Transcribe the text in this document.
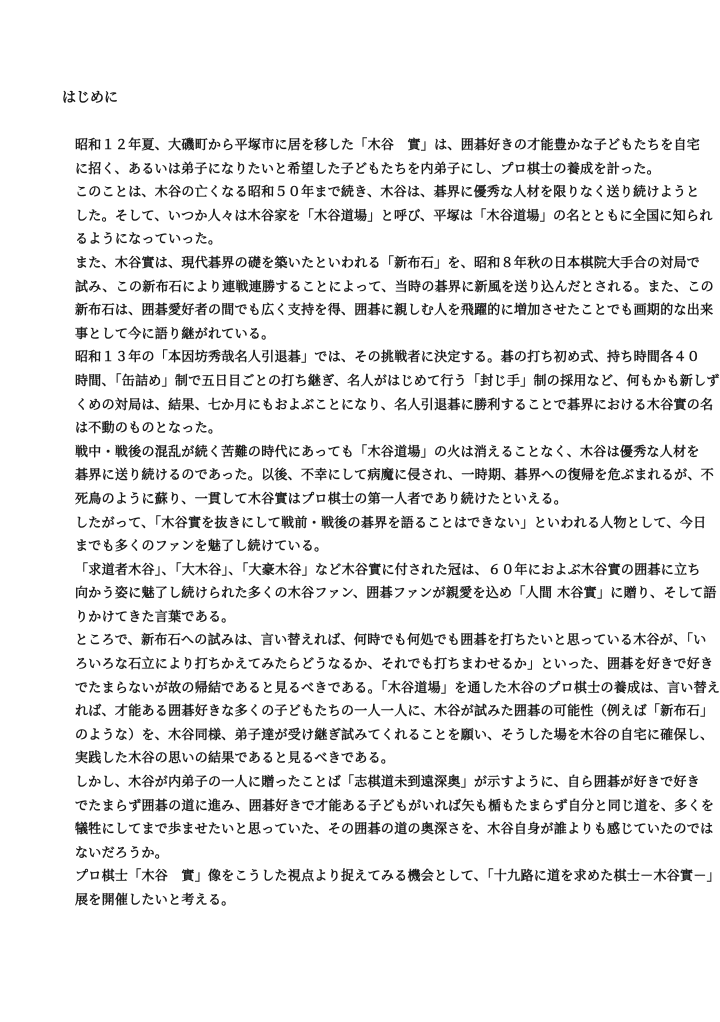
はじめに

昭和１２年夏、大磯町から平塚市に居を移した「木谷　實」は、囲碁好きの才能豊かな子どもたちを自宅
に招く、あるいは弟子になりたいと希望した子どもたちを内弟子にし、プロ棋士の養成を計った。

このことは、木谷の亡くなる昭和５０年まで続き、木谷は、碁界に優秀な人材を限りなく送り続けようと
した。そして、いつか人々は木谷家を「木谷道場」と呼び、平塚は「木谷道場」の名とともに全国に知られ
るようになっていった。

また、木谷實は、現代碁界の礎を築いたといわれる「新布石」を、昭和８年秋の日本棋院大手合の対局で
試み、この新布石により連戦連勝することによって、当時の碁界に新風を送り込んだとされる。また、この
新布石は、囲碁愛好者の間でも広く支持を得、囲碁に親しむ人を飛躍的に増加させたことでも画期的な出来
事として今に語り継がれている。

昭和１３年の「本因坊秀哉名人引退碁」では、その挑戦者に決定する。碁の打ち初め式、持ち時間各４０
時間、「缶詰め」制で五日目ごとの打ち継ぎ、名人がはじめて行う「封じ手」制の採用など、何もかも新しず
くめの対局は、結果、七か月にもおよぶことになり、名人引退碁に勝利することで碁界における木谷實の名
は不動のものとなった。

戦中・戦後の混乱が続く苦難の時代にあっても「木谷道場」の火は消えることなく、木谷は優秀な人材を
碁界に送り続けるのであった。以後、不幸にして病魔に侵され、一時期、碁界への復帰を危ぶまれるが、不
死鳥のように蘇り、一貫して木谷實はプロ棋士の第一人者であり続けたといえる。

したがって、「木谷實を抜きにして戦前・戦後の碁界を語ることはできない」といわれる人物として、今日
までも多くのファンを魅了し続けている。

「求道者木谷」、「大木谷」、「大豪木谷」など木谷實に付された冠は、６０年におよぶ木谷實の囲碁に立ち
向かう姿に魅了し続けられた多くの木谷ファン、囲碁ファンが親愛を込め「人間 木谷實」に贈り、そして語
りかけてきた言葉である。

ところで、新布石への試みは、言い替えれば、何時でも何処でも囲碁を打ちたいと思っている木谷が、「い
ろいろな石立により打ちかえてみたらどうなるか、それでも打ちまわせるか」といった、囲碁を好きで好き
でたまらないが故の帰結であると見るべきである。「木谷道場」を通した木谷のプロ棋士の養成は、言い替え
れば、才能ある囲碁好きな多くの子どもたちの一人一人に、木谷が試みた囲碁の可能性（例えば「新布石」
のような）を、木谷同様、弟子達が受け継ぎ試みてくれることを願い、そうした場を木谷の自宅に確保し、
実践した木谷の思いの結果であると見るべきである。

しかし、木谷が内弟子の一人に贈ったことば「志棋道未到遠深奥」が示すように、自ら囲碁が好きで好き
でたまらず囲碁の道に進み、囲碁好きで才能ある子どもがいれば矢も楯もたまらず自分と同じ道を、多くを
犠牲にしてまで歩ませたいと思っていた、その囲碁の道の奥深さを、木谷自身が誰よりも感じていたのでは
ないだろうか。

プロ棋士「木谷　實」像をこうした視点より捉えてみる機会として、「十九路に道を求めた棋士－木谷實－」
展を開催したいと考える。
